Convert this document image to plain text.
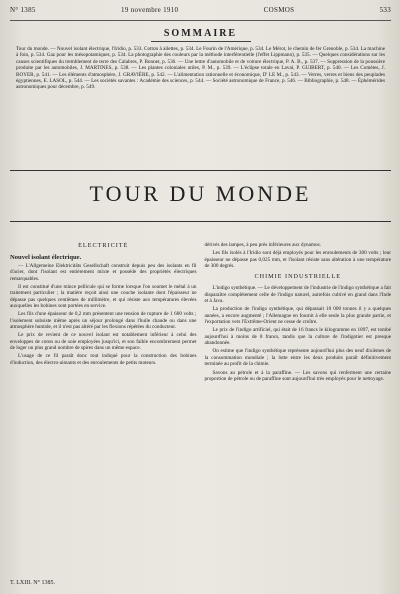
N° 1385	19 novembre 1910	COSMOS	533
SOMMAIRE
Tour du monde. — Nouvel isolant électrique, l'Iridio, p. 533. Cotton à ailettes, p. 534. Le Fourin de l'Amérique, p. 534. Le Mérot, le chemin de fer Grenoble, p. 534. La machine à foin, p. 534. Gaz pour les mésopotamiques, p. 534. La photographie des couleurs par la méthode interférentielle (l'effet Lippmann), p. 535. — Quelques considérations sur les causes scientifiques du tremblement de terre des Calabres, P. Bonnet, p. 536. — Une lettre d'automobile et de voiture électrique, P. A. B., p. 537. — Suppression de la poussière produite par les automobiles, J. MARTINES, p. 538. — Les plantes coloniales utiles, P. M., p. 539. — L'éclipse totale en Laval, P. GUIBERT, p. 540. — Les Comètes, J. BOYER, p. 541. — Les éléments d'atmosphère, J. GRAVIÈRE, p. 542. — L'alimentation rationnelle et économique, D' LE M., p. 543. — Verres, verres et biens des peuplades égyptiennes, E. LASOL, p. 544. — Les sociétés savantes : Académie des sciences, p. 544. — Société astronomique de France, p. 546. — Bibliographie, p. 548. — Éphémérides astronomiques pour décembre, p. 549.
TOUR DU MONDE
ÉLECTRICITÉ
Nouvel isolant électrique.

— L'Allgemeine Elektricitäts Gesellschaft construit depuis peu des isolants en fil d'acier, dont l'isolant est entièrement mixte et possède des propriétés électriques remarquables.

Il est constitué d'une mince pellicule qui se forme lorsque l'on soumet le métal à un traitement particulier ; la matière reçoit ainsi une couche isolante dont l'épaisseur ne dépasse pas quelques centièmes de millimètre, et qui résiste aux températures élevées auxquelles les bobines sont portées en service.

Les fils d'une épaisseur de 0,2 mm présentent une tension de rupture de 1 600 volts ; l'isolement subsiste même après un séjour prolongé dans l'huile chaude ou dans une atmosphère humide, et il n'est pas altéré par les flexions répétées du conducteur.

Le prix de revient de ce nouvel isolant est notablement inférieur à celui des enveloppes de coton ou de soie employées jusqu'ici, et son faible encombrement permet de loger un plus grand nombre de spires dans un même espace.

L'usage de ce fil paraît donc tout indiqué pour la construction des bobines d'induction, des électro-aimants et des enroulements de petits moteurs.

dérivés des lampes, à peu près inférieures aux dynamos.

Les fils isolés à l'Iridio sont déjà employés pour les enroulements de 300 volts ; leur épaisseur ne dépasse pas 0,025 mm, et l'isolant résiste sans altération à une température de 300 degrés.

CHIMIE INDUSTRIELLE

L'indigo synthétique. — Le développement de l'industrie de l'indigo synthétique a fait disparaître complètement celle de l'indigo naturel, autrefois cultivé en grand dans l'Inde et à Java.

La production de l'indigo synthétique, qui dépassait 10 000 tonnes il y a quelques années, a encore augmenté ; l'Allemagne en fournit à elle seule la plus grande partie, et l'exportation vers l'Extrême-Orient ne cesse de croître.

Le prix de l'indigo artificiel, qui était de 16 francs le kilogramme en 1897, est tombé aujourd'hui à moins de 8 francs, tandis que la culture de l'indigotier est presque abandonnée.

On estime que l'indigo synthétique représente aujourd'hui plus des neuf dixièmes de la consommation mondiale ; la lutte entre les deux produits paraît définitivement terminée au profit de la chimie.

Savons au pétrole et à la paraffine. — Les savons qui renferment une certaine proportion de pétrole ou de paraffine sont aujourd'hui très employés pour le nettoyage.

T. LXIII. N° 1385.
